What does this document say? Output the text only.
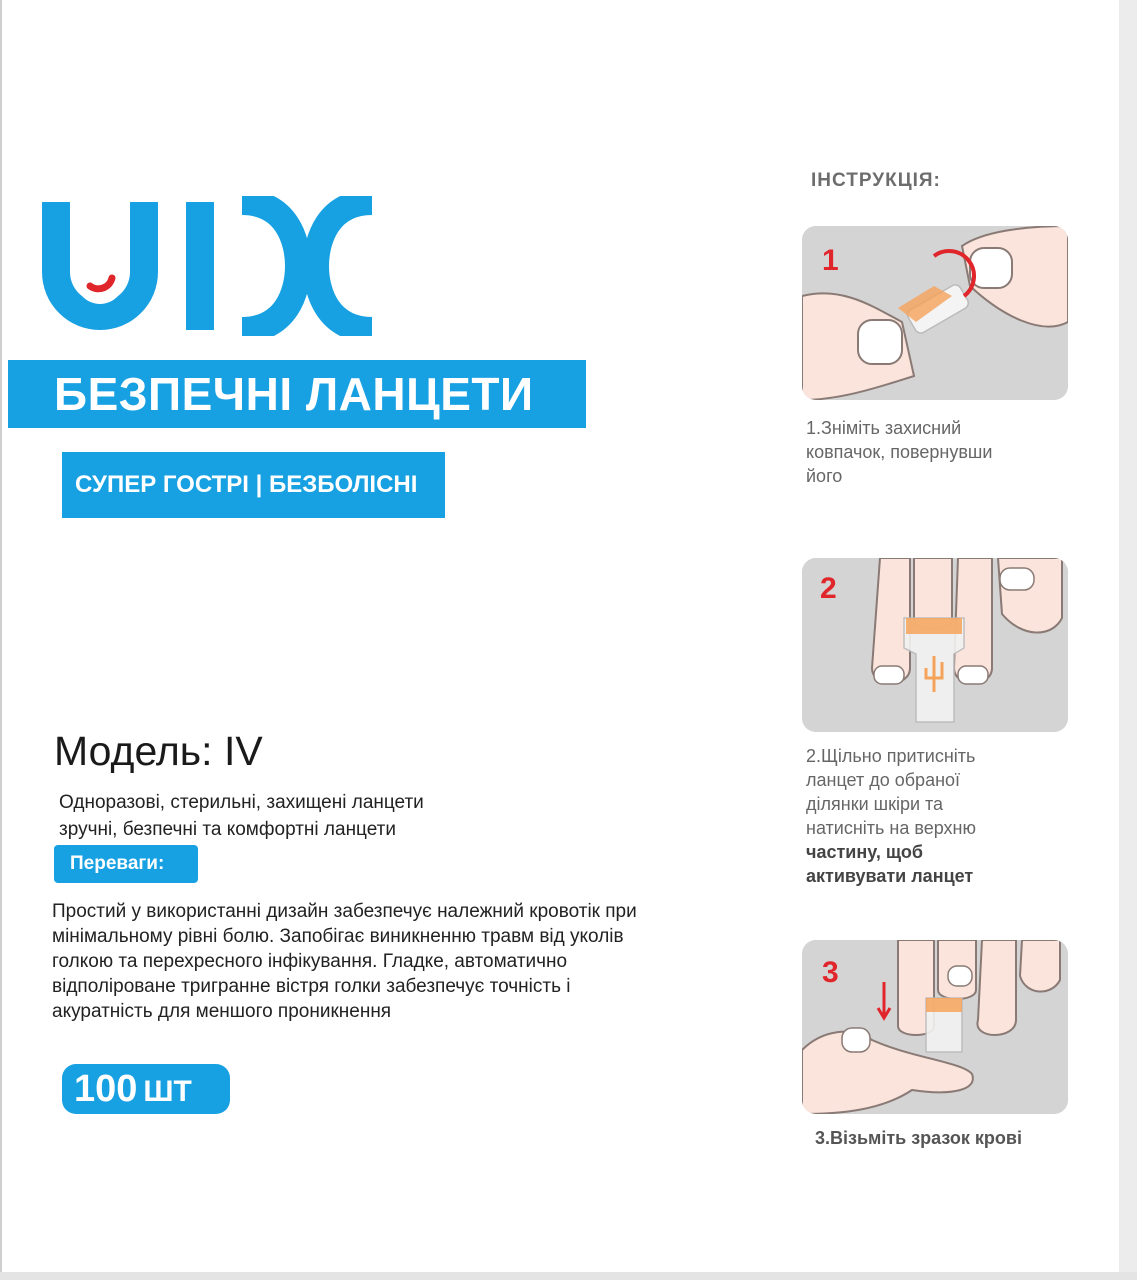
БЕЗПЕЧНІ ЛАНЦЕТИ
СУПЕР ГОСТРІ | БЕЗБОЛІСНІ
Модель: IV
Одноразові, стерильні, захищені ланцети
зручні, безпечні та комфортні ланцети
Переваги:
Простий у використанні дизайн забезпечує належний кровотік при
мінімальному рівні болю. Запобігає виникненню травм від уколів
голкою та перехресного інфікування. Гладке, автоматично
відполіроване тригранне вістря голки забезпечує точність і
акуратність для меншого проникнення
100 ШТ
ІНСТРУКЦІЯ:
1
1.Зніміть захисний
ковпачок, повернувши
його
2
2.Щільно притисніть
ланцет до обраної
ділянки шкіри та
натисніть на верхню
частину, щоб
активувати ланцет
3
3.Візьміть зразок крові
